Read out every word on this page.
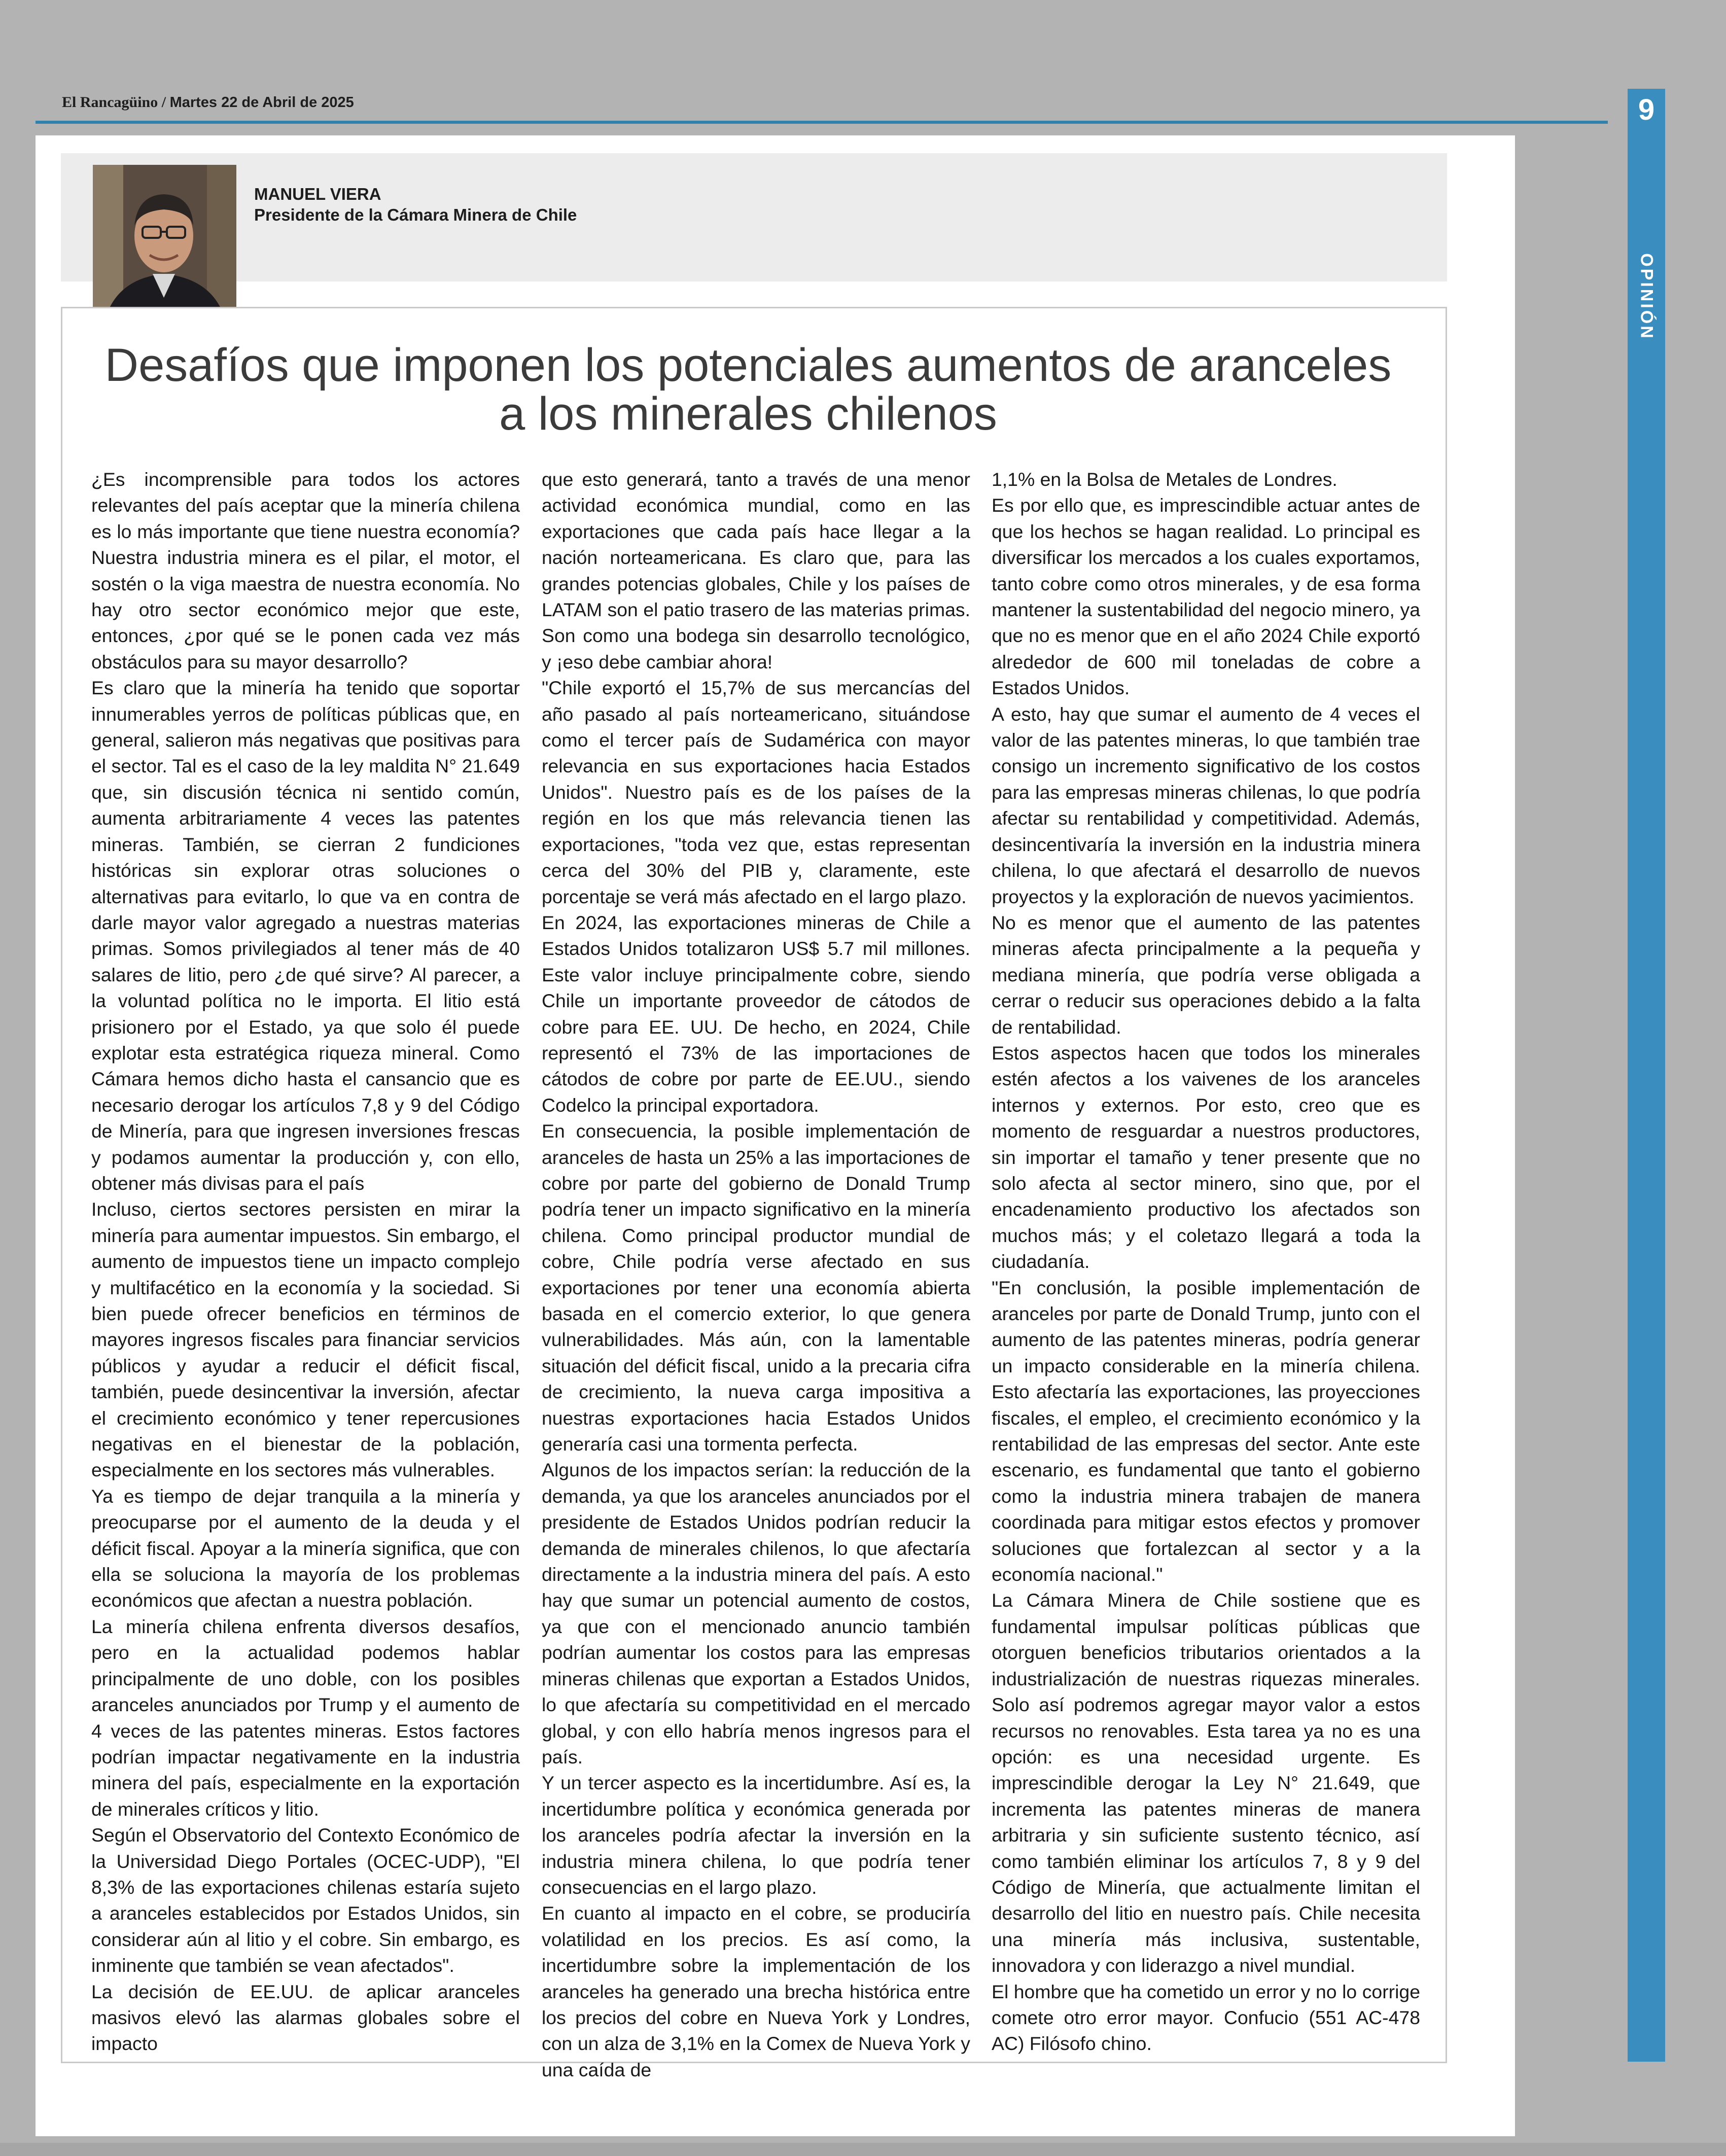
El Rancagüino / Martes 22 de Abril de 2025	9
OPINIÓN
MANUEL VIERA
Presidente de la Cámara Minera de Chile
Desafíos que imponen los potenciales aumentos de aranceles a los minerales chilenos

¿Es incomprensible para todos los actores relevantes del país aceptar que la minería chilena es lo más importante que tiene nuestra economía? Nuestra industria minera es el pilar, el motor, el sostén o la viga maestra de nuestra economía. No hay otro sector económico mejor que este, entonces, ¿por qué se le ponen cada vez más obstáculos para su mayor desarrollo?

Es claro que la minería ha tenido que soportar innumerables yerros de políticas públicas que, en general, salieron más negativas que positivas para el sector. Tal es el caso de la ley maldita N° 21.649 que, sin discusión técnica ni sentido común, aumenta arbitrariamente 4 veces las patentes mineras. También, se cierran 2 fundiciones históricas sin explorar otras soluciones o alternativas para evitarlo, lo que va en contra de darle mayor valor agregado a nuestras materias primas. Somos privilegiados al tener más de 40 salares de litio, pero ¿de qué sirve? Al parecer, a la voluntad política no le importa. El litio está prisionero por el Estado, ya que solo él puede explotar esta estratégica riqueza mineral. Como Cámara hemos dicho hasta el cansancio que es necesario derogar los artículos 7,8 y 9 del Código de Minería, para que ingresen inversiones frescas y podamos aumentar la producción y, con ello, obtener más divisas para el país

Incluso, ciertos sectores persisten en mirar la minería para aumentar impuestos. Sin embargo, el aumento de impuestos tiene un impacto complejo y multifacético en la economía y la sociedad. Si bien puede ofrecer beneficios en términos de mayores ingresos fiscales para financiar servicios públicos y ayudar a reducir el déficit fiscal, también, puede desincentivar la inversión, afectar el crecimiento económico y tener repercusiones negativas en el bienestar de la población, especialmente en los sectores más vulnerables.

Ya es tiempo de dejar tranquila a la minería y preocuparse por el aumento de la deuda y el déficit fiscal. Apoyar a la minería significa, que con ella se soluciona la mayoría de los problemas económicos que afectan a nuestra población.

La minería chilena enfrenta diversos desafíos, pero en la actualidad podemos hablar principalmente de uno doble, con los posibles aranceles anunciados por Trump y el aumento de 4 veces de las patentes mineras. Estos factores podrían impactar negativamente en la industria minera del país, especialmente en la exportación de minerales críticos y litio.

Según el Observatorio del Contexto Económico de la Universidad Diego Portales (OCEC-UDP), "El 8,3% de las exportaciones chilenas estaría sujeto a aranceles establecidos por Estados Unidos, sin considerar aún al litio y el cobre. Sin embargo, es inminente que también se vean afectados".

La decisión de EE.UU. de aplicar aranceles masivos elevó las alarmas globales sobre el impacto

que esto generará, tanto a través de una menor actividad económica mundial, como en las exportaciones que cada país hace llegar a la nación norteamericana. Es claro que, para las grandes potencias globales, Chile y los países de LATAM son el patio trasero de las materias primas. Son como una bodega sin desarrollo tecnológico, y ¡eso debe cambiar ahora!

"Chile exportó el 15,7% de sus mercancías del año pasado al país norteamericano, situándose como el tercer país de Sudamérica con mayor relevancia en sus exportaciones hacia Estados Unidos". Nuestro país es de los países de la región en los que más relevancia tienen las exportaciones, "toda vez que, estas representan cerca del 30% del PIB y, claramente, este porcentaje se verá más afectado en el largo plazo.

En 2024, las exportaciones mineras de Chile a Estados Unidos totalizaron US$ 5.7 mil millones. Este valor incluye principalmente cobre, siendo Chile un importante proveedor de cátodos de cobre para EE. UU. De hecho, en 2024, Chile representó el 73% de las importaciones de cátodos de cobre por parte de EE.UU., siendo Codelco la principal exportadora.

En consecuencia, la posible implementación de aranceles de hasta un 25% a las importaciones de cobre por parte del gobierno de Donald Trump podría tener un impacto significativo en la minería chilena. Como principal productor mundial de cobre, Chile podría verse afectado en sus exportaciones por tener una economía abierta basada en el comercio exterior, lo que genera vulnerabilidades. Más aún, con la lamentable situación del déficit fiscal, unido a la precaria cifra de crecimiento, la nueva carga impositiva a nuestras exportaciones hacia Estados Unidos generaría casi una tormenta perfecta.

Algunos de los impactos serían: la reducción de la demanda, ya que los aranceles anunciados por el presidente de Estados Unidos podrían reducir la demanda de minerales chilenos, lo que afectaría directamente a la industria minera del país. A esto hay que sumar un potencial aumento de costos, ya que con el mencionado anuncio también podrían aumentar los costos para las empresas mineras chilenas que exportan a Estados Unidos, lo que afectaría su competitividad en el mercado global, y con ello habría menos ingresos para el país.

Y un tercer aspecto es la incertidumbre. Así es, la incertidumbre política y económica generada por los aranceles podría afectar la inversión en la industria minera chilena, lo que podría tener consecuencias en el largo plazo.

En cuanto al impacto en el cobre, se produciría volatilidad en los precios. Es así como, la incertidumbre sobre la implementación de los aranceles ha generado una brecha histórica entre los precios del cobre en Nueva York y Londres, con un alza de 3,1% en la Comex de Nueva York y una caída de

1,1% en la Bolsa de Metales de Londres.

Es por ello que, es imprescindible actuar antes de que los hechos se hagan realidad. Lo principal es diversificar los mercados a los cuales exportamos, tanto cobre como otros minerales, y de esa forma mantener la sustentabilidad del negocio minero, ya que no es menor que en el año 2024 Chile exportó alrededor de 600 mil toneladas de cobre a Estados Unidos.

A esto, hay que sumar el aumento de 4 veces el valor de las patentes mineras, lo que también trae consigo un incremento significativo de los costos para las empresas mineras chilenas, lo que podría afectar su rentabilidad y competitividad. Además, desincentivaría la inversión en la industria minera chilena, lo que afectará el desarrollo de nuevos proyectos y la exploración de nuevos yacimientos.

No es menor que el aumento de las patentes mineras afecta principalmente a la pequeña y mediana minería, que podría verse obligada a cerrar o reducir sus operaciones debido a la falta de rentabilidad.

Estos aspectos hacen que todos los minerales estén afectos a los vaivenes de los aranceles internos y externos. Por esto, creo que es momento de resguardar a nuestros productores, sin importar el tamaño y tener presente que no solo afecta al sector minero, sino que, por el encadenamiento productivo los afectados son muchos más; y el coletazo llegará a toda la ciudadanía.

"En conclusión, la posible implementación de aranceles por parte de Donald Trump, junto con el aumento de las patentes mineras, podría generar un impacto considerable en la minería chilena. Esto afectaría las exportaciones, las proyecciones fiscales, el empleo, el crecimiento económico y la rentabilidad de las empresas del sector. Ante este escenario, es fundamental que tanto el gobierno como la industria minera trabajen de manera coordinada para mitigar estos efectos y promover soluciones que fortalezcan al sector y a la economía nacional."

La Cámara Minera de Chile sostiene que es fundamental impulsar políticas públicas que otorguen beneficios tributarios orientados a la industrialización de nuestras riquezas minerales. Solo así podremos agregar mayor valor a estos recursos no renovables. Esta tarea ya no es una opción: es una necesidad urgente. Es imprescindible derogar la Ley N° 21.649, que incrementa las patentes mineras de manera arbitraria y sin suficiente sustento técnico, así como también eliminar los artículos 7, 8 y 9 del Código de Minería, que actualmente limitan el desarrollo del litio en nuestro país. Chile necesita una minería más inclusiva, sustentable, innovadora y con liderazgo a nivel mundial.

El hombre que ha cometido un error y no lo corrige comete otro error mayor. Confucio (551 AC-478 AC) Filósofo chino.
